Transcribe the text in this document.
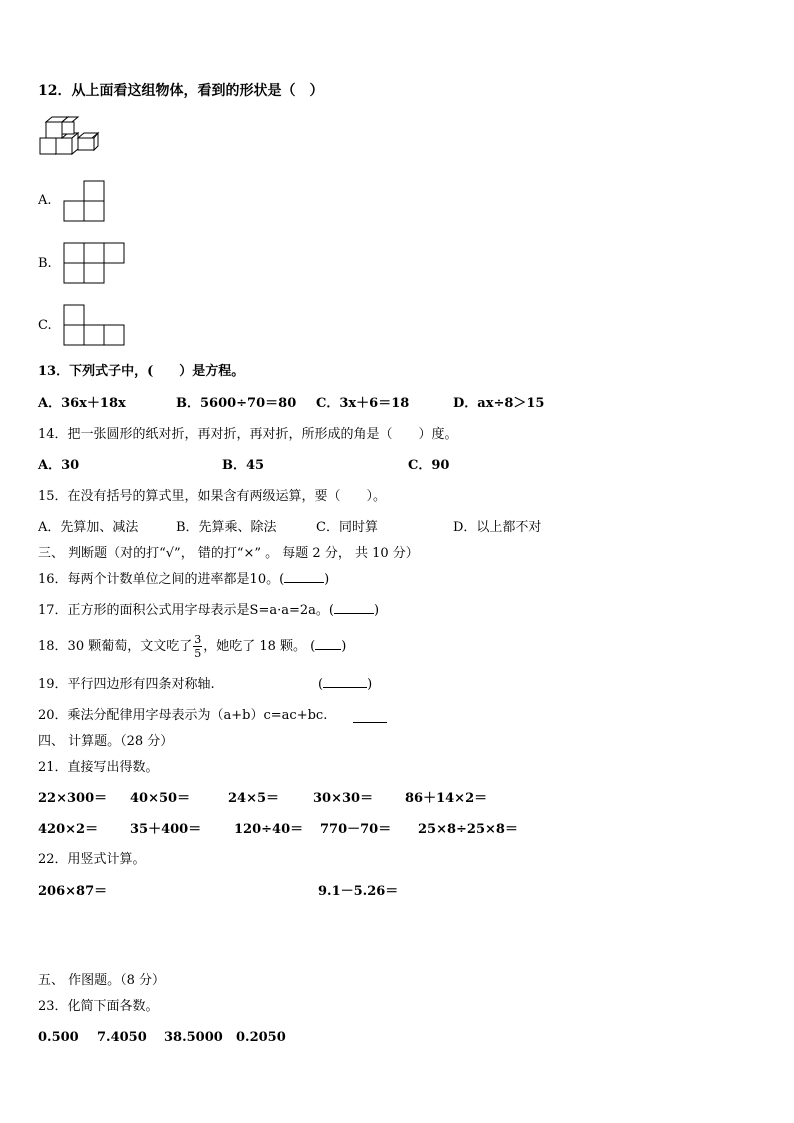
12．从上面看这组物体，看到的形状是（　）
A.
B.
C.
13．下列式子中，(　　）是方程。
A．36x＋18x	B．5600÷70＝80 C．3x＋6＝18	D．ax÷8＞15
14．把一张圆形的纸对折，再对折，再对折，所形成的角是（　　）度。
A．30	B．45	C．90
15．在没有括号的算式里，如果含有两级运算，要（　　）。
A．先算加、减法	B．先算乘、除法	C．同时算	D．以上都不对
三、 判断题（对的打“√”， 错的打“×” 。 每题 2 分， 共 10 分）
16．每两个计数单位之间的进率都是10。(	)
17．正方形的面积公式用字母表示是S=a·a=2a。(	)
18．30 颗葡萄，文文吃了 $\frac{3}{5}$ ，她吃了 18 颗。 ( )
19．平行四边形有四条对称轴.	(	)
20．乘法分配律用字母表示为（a+b）c=ac+bc.
四、 计算题。（28 分）
21．直接写出得数。
22×300＝ 40×50＝	24×5＝	30×30＝ 86＋14×2＝
420×2＝ 35＋400＝	120÷40＝ 770－70＝ 25×8÷25×8＝
22．用竖式计算。
206×87＝	9.1－5.26＝
五、 作图题。（8 分）
23．化简下面各数。
0.500 7.4050 38.5000 0.2050
